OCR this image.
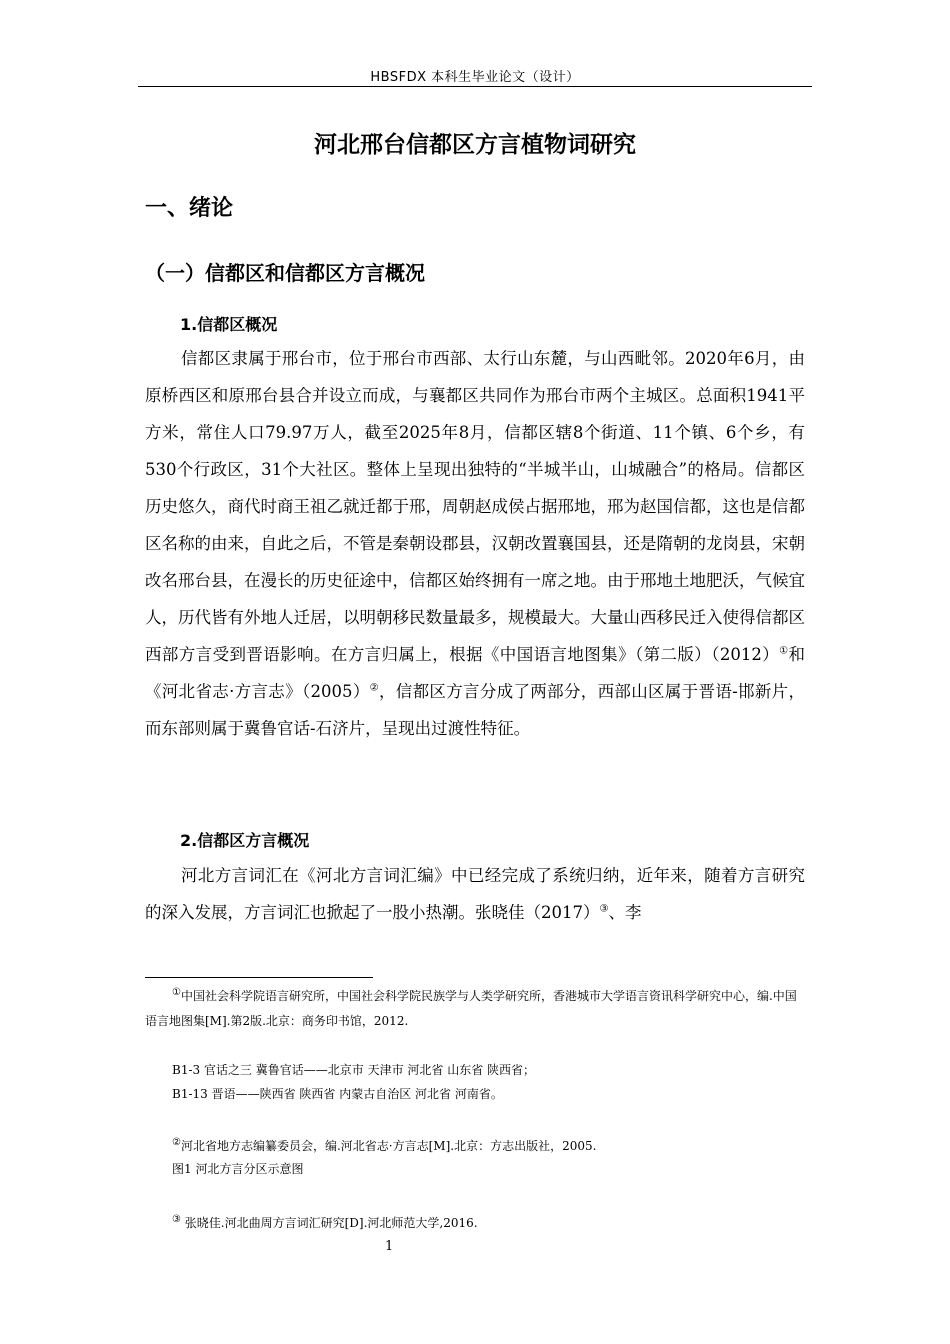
HBSFDX 本科生毕业论文（设计）
河北邢台信都区方言植物词研究
一、绪论
（一）信都区和信都区方言概况
1.信都区概况

信都区隶属于邢台市，位于邢台市西部、太行山东麓，与山西毗邻。2020年6月，由原桥西区和原邢台县合并设立而成，与襄都区共同作为邢台市两个主城区。总面积1941平方米，常住人口79.97万人，截至2025年8月，信都区辖8个街道、11个镇、6个乡，有530个行政区，31个大社区。整体上呈现出独特的“半城半山，山城融合”的格局。信都区历史悠久，商代时商王祖乙就迁都于邢，周朝赵成侯占据邢地，邢为赵国信都，这也是信都区名称的由来，自此之后，不管是秦朝设郡县，汉朝改置襄国县，还是隋朝的龙岗县，宋朝改名邢台县，在漫长的历史征途中，信都区始终拥有一席之地。由于邢地土地肥沃，气候宜人，历代皆有外地人迁居，以明朝移民数量最多，规模最大。大量山西移民迁入使得信都区西部方言受到晋语影响。在方言归属上，根据《中国语言地图集》（第二版）（2012）①和《河北省志·方言志》（2005）②，信都区方言分成了两部分，西部山区属于晋语-邯新片，而东部则属于冀鲁官话-石济片，呈现出过渡性特征。

2.信都区方言概况

河北方言词汇在《河北方言词汇编》中已经完成了系统归纳，近年来，随着方言研究的深入发展，方言词汇也掀起了一股小热潮。张晓佳（2017）③、李

①中国社会科学院语言研究所，中国社会科学院民族学与人类学研究所，香港城市大学语言资讯科学研究中心，编.中国语言地图集[M].第2版.北京：商务印书馆，2012.

B1-3 官话之三 冀鲁官话——北京市 天津市 河北省 山东省 陕西省；

B1-13 晋语——陕西省 陕西省 内蒙古自治区 河北省 河南省。

②河北省地方志编纂委员会，编.河北省志·方言志[M].北京：方志出版社，2005.

图1 河北方言分区示意图

③ 张晓佳.河北曲周方言词汇研究[D].河北师范大学,2016.

1
